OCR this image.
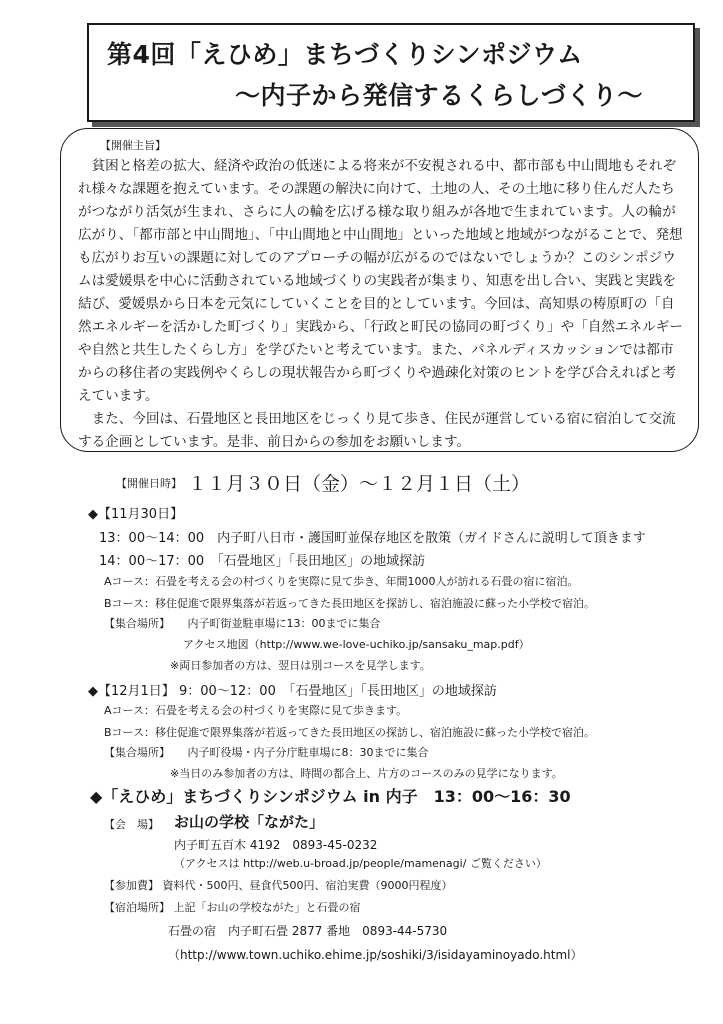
第4回「えひめ」まちづくりシンポジウム
〜内子から発信するくらしづくり〜
【開催主旨】

貧困と格差の拡大、経済や政治の低迷による将来が不安視される中、都市部も中山間地もそれぞれ様々な課題を抱えています。その課題の解決に向けて、土地の人、その土地に移り住んだ人たちがつながり活気が生まれ、さらに人の輪を広げる様な取り組みが各地で生まれています。人の輪が広がり、「都市部と中山間地」、「中山間地と中山間地」といった地域と地域がつながることで、発想も広がりお互いの課題に対してのアプローチの幅が広がるのではないでしょうか？このシンポジウムは愛媛県を中心に活動されている地域づくりの実践者が集まり、知恵を出し合い、実践と実践を結び、愛媛県から日本を元気にしていくことを目的としています。今回は、高知県の梼原町の「自然エネルギーを活かした町づくり」実践から、「行政と町民の協同の町づくり」や「自然エネルギーや自然と共生したくらし方」を学びたいと考えています。また、パネルディスカッションでは都市からの移住者の実践例やくらしの現状報告から町づくりや過疎化対策のヒントを学び合えればと考えています。

また、今回は、石畳地区と長田地区をじっくり見て歩き、住民が運営している宿に宿泊して交流する企画としています。是非、前日からの参加をお願いします。

【開催日時】 １１月３０日（金）〜１２月１日（土）
◆【11月30日】
13：00〜14：00　内子町八日市・護国町並保存地区を散策（ガイドさんに説明して頂きます
14：00〜17：00　「石畳地区」「長田地区」の地域探訪
Aコース：石畳を考える会の村づくりを実際に見て歩き、年間1000人が訪れる石畳の宿に宿泊。
Bコース：移住促進で限界集落が若返ってきた長田地区を探訪し、宿泊施設に蘇った小学校で宿泊。
【集合場所】 内子町街並駐車場に13：00までに集合
アクセス地図（http://www.we-love-uchiko.jp/sansaku_map.pdf）
※両日参加者の方は、翌日は別コースを見学します。
◆【12月1日】 9：00〜12：00　「石畳地区」「長田地区」の地域探訪
Aコース：石畳を考える会の村づくりを実際に見て歩きます。
Bコース：移住促進で限界集落が若返ってきた長田地区の探訪し、宿泊施設に蘇った小学校で宿泊。
【集合場所】 内子町役場・内子分庁駐車場に8：30までに集合
※当日のみ参加者の方は、時間の都合上、片方のコースのみの見学になります。
◆「えひめ」まちづくりシンポジウム in 内子　13：00〜16：30
【会　場】 お山の学校「ながた」
内子町五百木 4192　0893-45-0232
（アクセスは http://web.u-broad.jp/people/mamenagi/ ご覧ください）
【参加費】 資料代・500円、昼食代500円、宿泊実費（9000円程度）
【宿泊場所】 上記「お山の学校ながた」と石畳の宿
石畳の宿　内子町石畳 2877 番地　0893-44-5730
（http://www.town.uchiko.ehime.jp/soshiki/3/isidayaminoyado.html）
